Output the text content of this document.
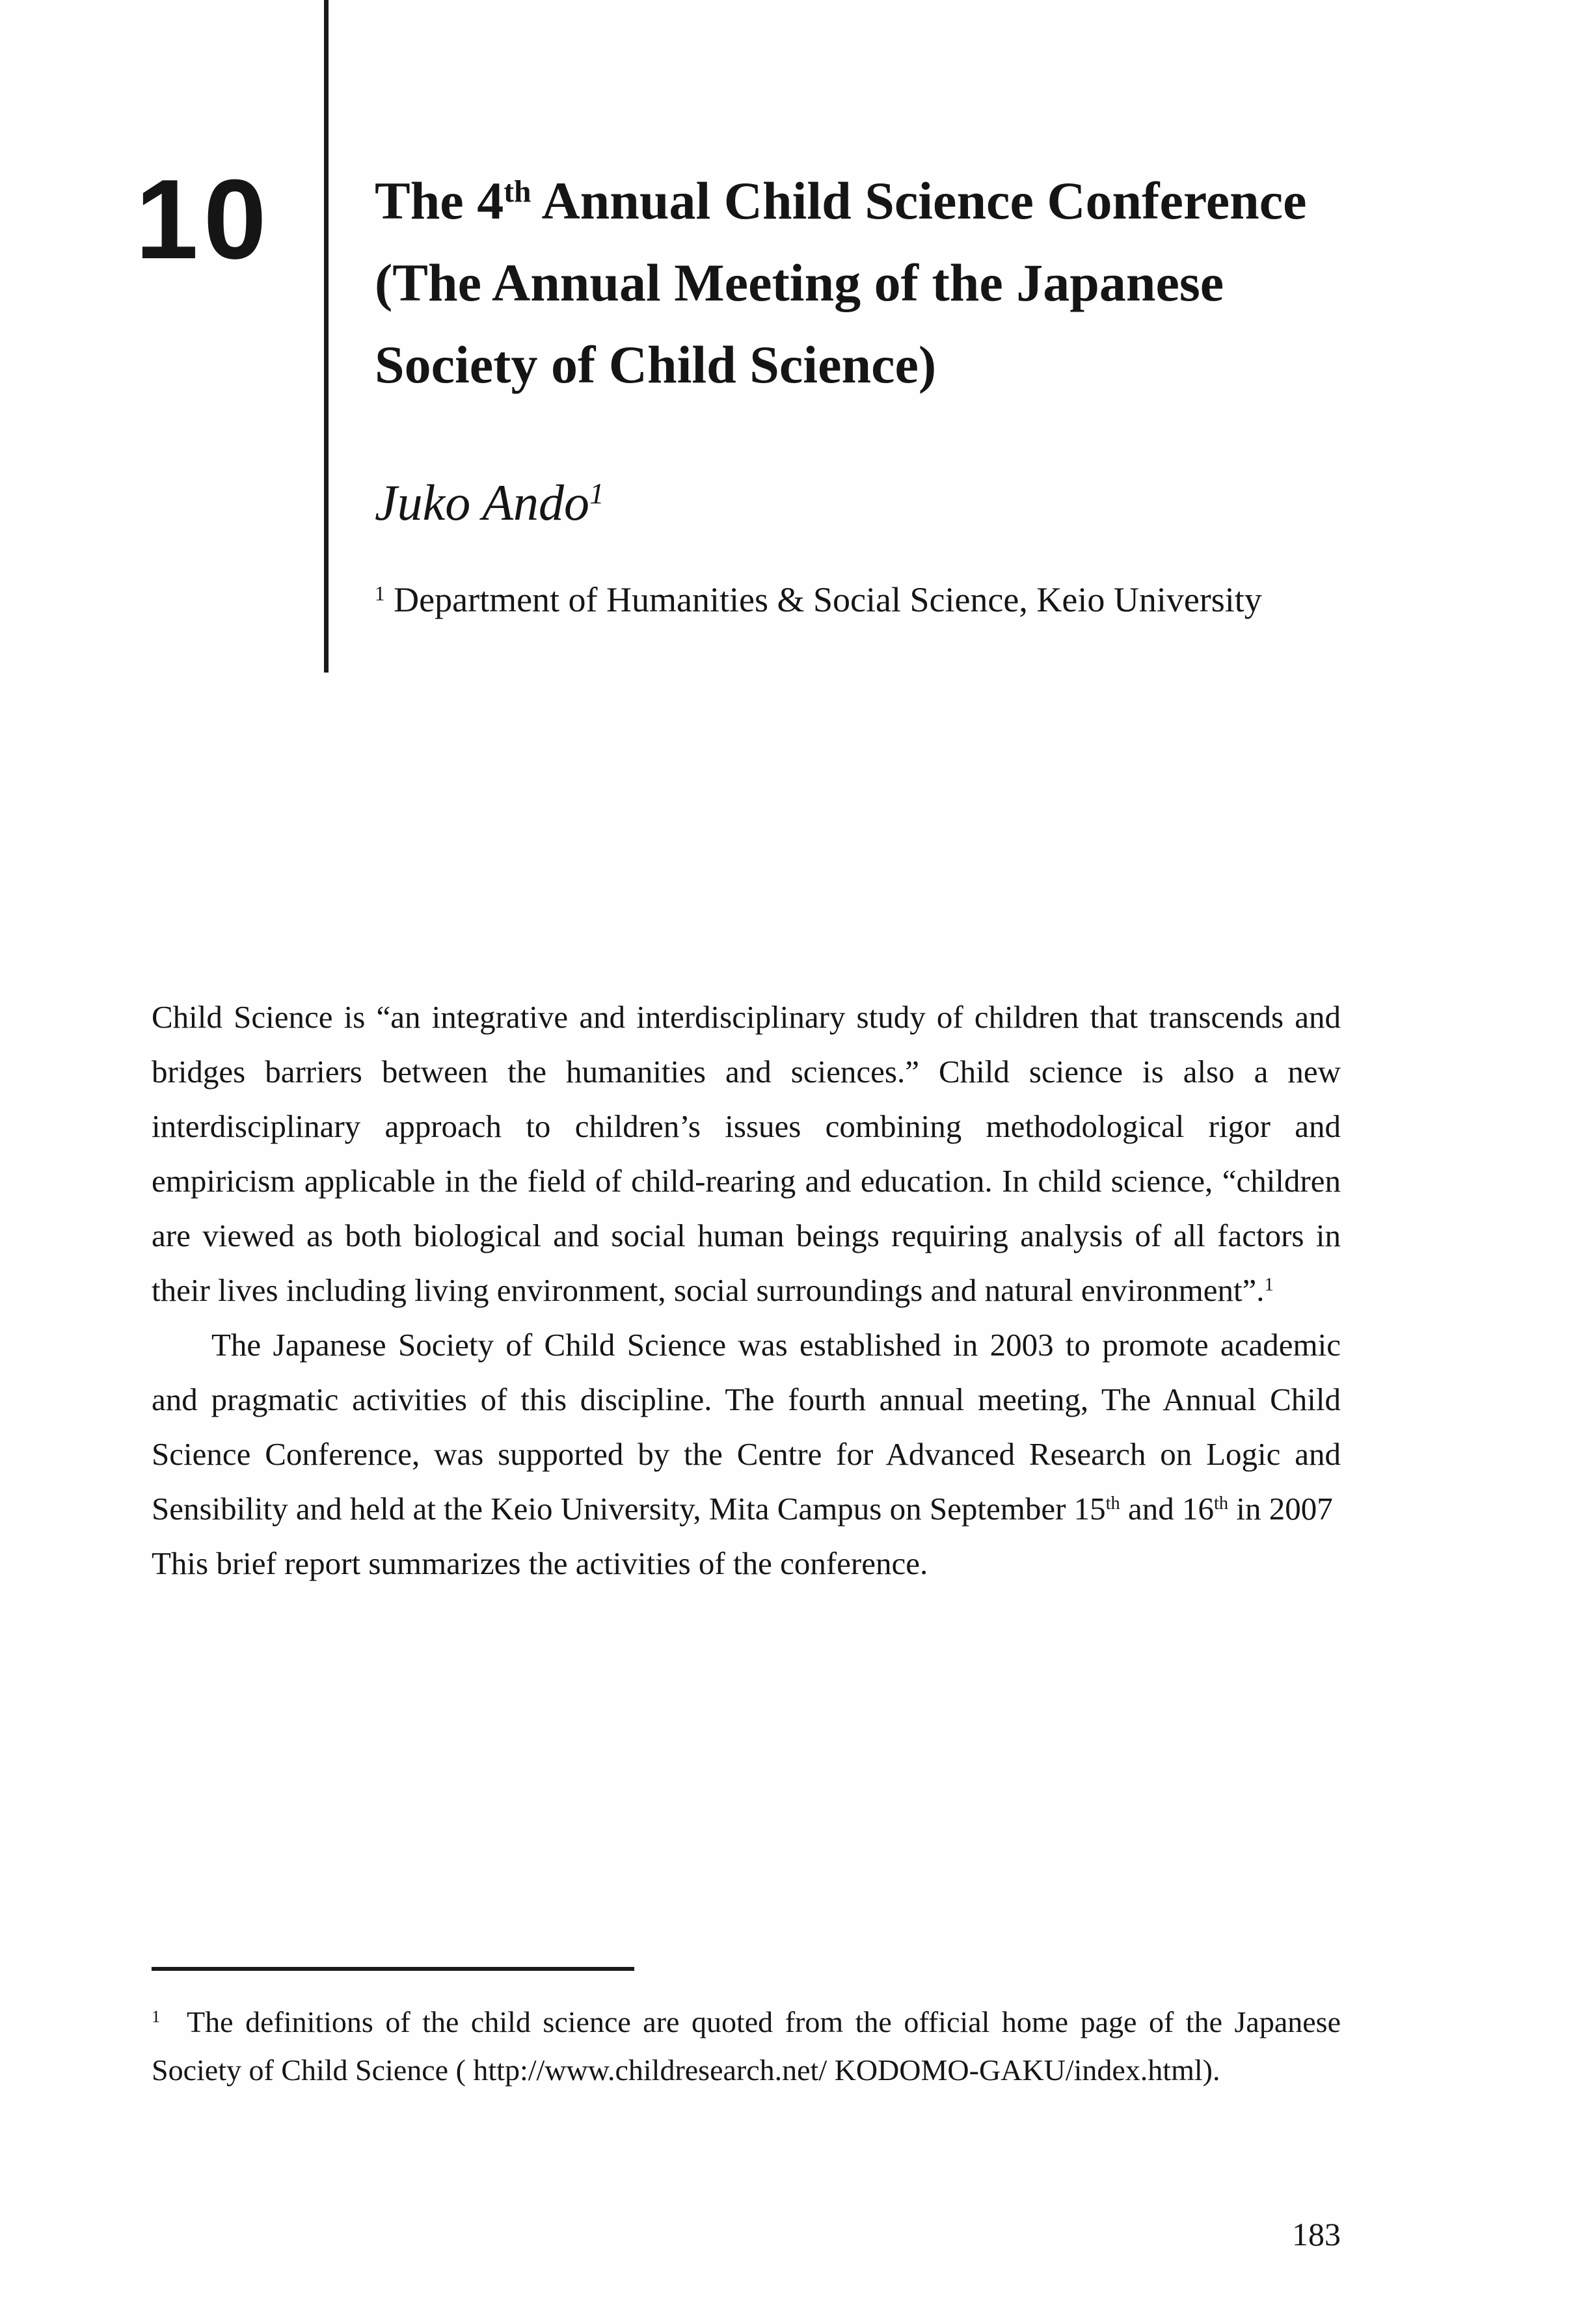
10 The 4th Annual Child Science Conference
(The Annual Meeting of the Japanese
Society of Child Science)
Juko Ando$^1$
$^1$ Department of Humanities & Social Science, Keio University

Child Science is “an integrative and interdisciplinary study of children that transcends and bridges barriers between the humanities and sciences.” Child science is also a new interdisciplinary approach to children’s issues combining methodological rigor and empiricism applicable in the field of child-rearing and education. In child science, “children are viewed as both biological and social human beings requiring analysis of all factors in their lives including living environment, social surroundings and natural environment”.$^1$

The Japanese Society of Child Science was established in 2003 to promote academic and pragmatic activities of this discipline. The fourth annual meeting, The Annual Child Science Conference, was supported by the Centre for Advanced Research on Logic and Sensibility and held at the Keio University, Mita Campus on September 15th and 16th in 2007  This brief report summarizes the activities of the conference.

$^1$  The definitions of the child science are quoted from the official home page of the Japanese Society of Child Science ( http://www.childresearch.net/ KODOMO-GAKU/index.html).

183
